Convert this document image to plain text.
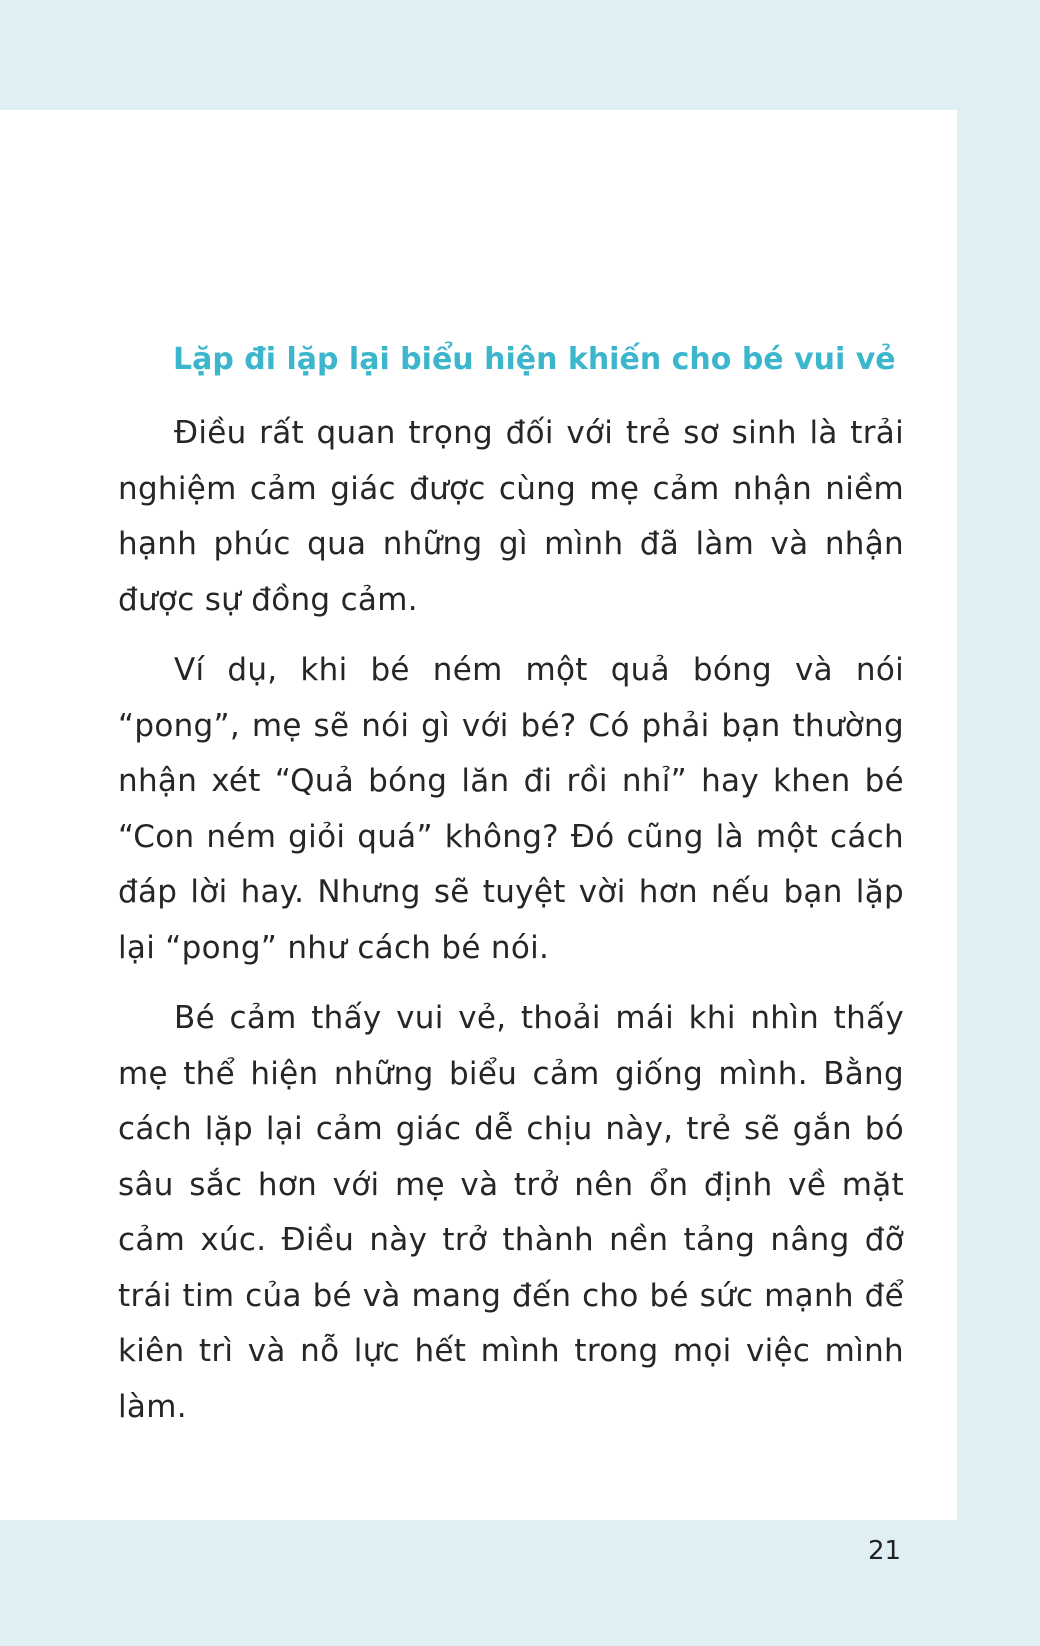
Lặp đi lặp lại biểu hiện khiến cho bé vui vẻ

Điều rất quan trọng đối với trẻ sơ sinh là trải nghiệm cảm giác được cùng mẹ cảm nhận niềm hạnh phúc qua những gì mình đã làm và nhận được sự đồng cảm.

Ví dụ, khi bé ném một quả bóng và nói “pong”, mẹ sẽ nói gì với bé? Có phải bạn thường nhận xét “Quả bóng lăn đi rồi nhỉ” hay khen bé “Con ném giỏi quá” không? Đó cũng là một cách đáp lời hay. Nhưng sẽ tuyệt vời hơn nếu bạn lặp lại “pong” như cách bé nói.

Bé cảm thấy vui vẻ, thoải mái khi nhìn thấy mẹ thể hiện những biểu cảm giống mình. Bằng cách lặp lại cảm giác dễ chịu này, trẻ sẽ gắn bó sâu sắc hơn với mẹ và trở nên ổn định về mặt cảm xúc. Điều này trở thành nền tảng nâng đỡ trái tim của bé và mang đến cho bé sức mạnh để kiên trì và nỗ lực hết mình trong mọi việc mình làm.

21
